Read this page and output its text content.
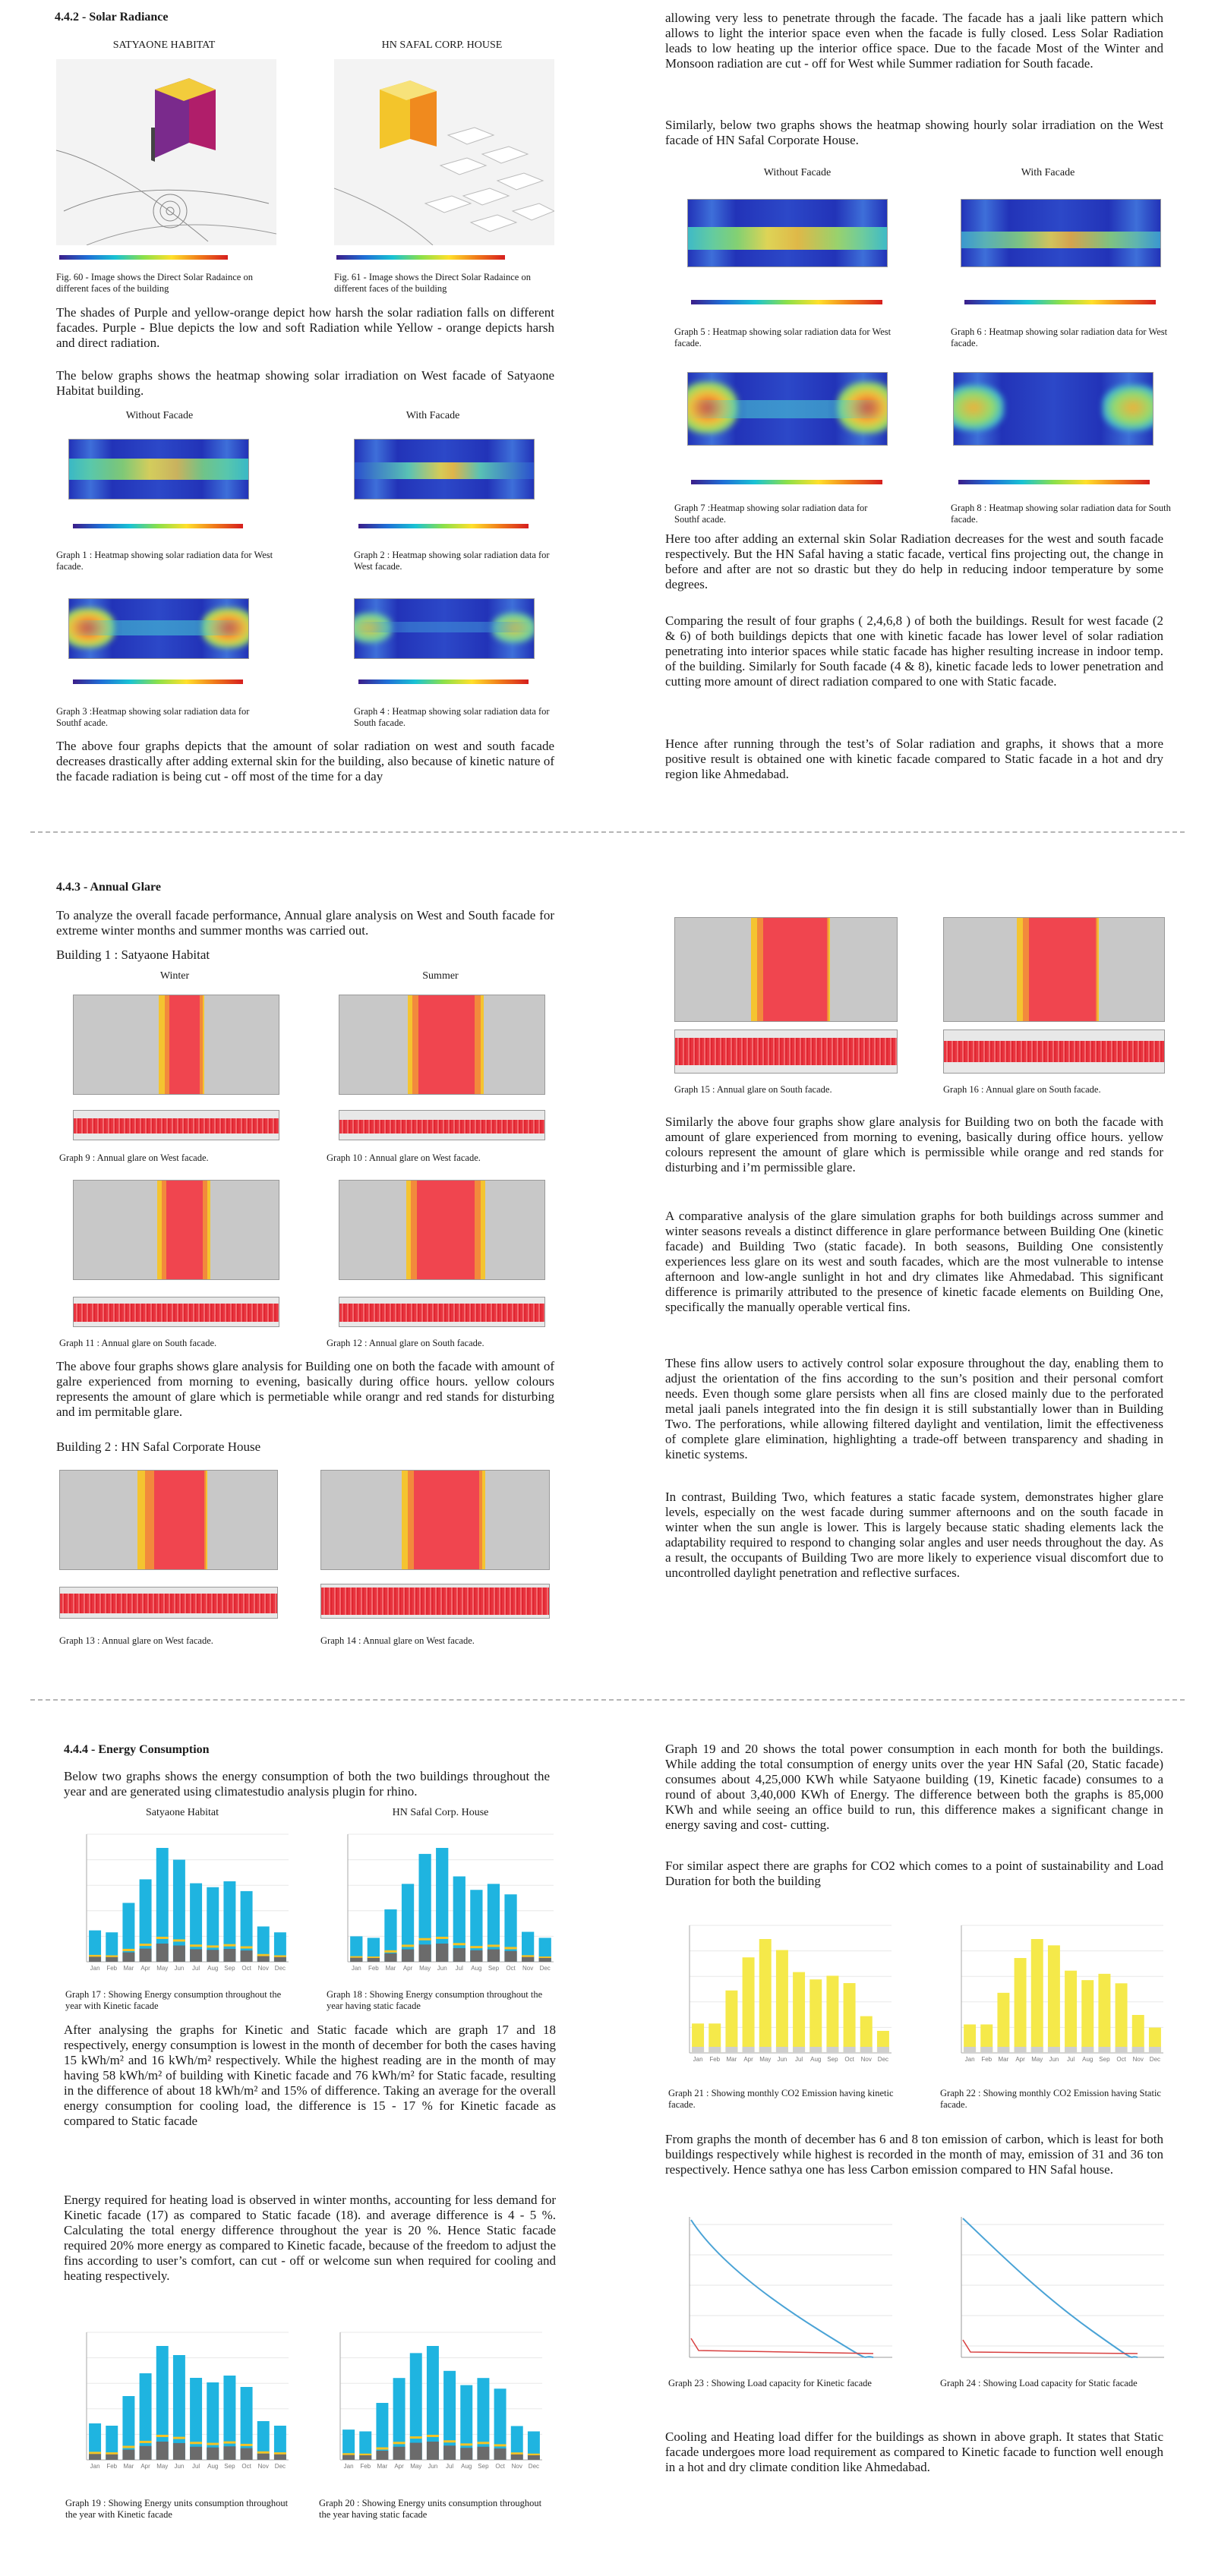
4.4.2 - Solar Radiance
SATYAONE HABITAT	HN SAFAL CORP. HOUSE
Fig. 60 - Image shows the Direct Solar Radaince on different faces of the building
Fig. 61 - Image shows the Direct Solar Radaince on different faces of the building
The shades of Purple and yellow-orange depict how harsh the solar radiation falls on different facades. Purple - Blue depicts the low and soft Radiation while Yellow - orange depicts harsh and direct radiation.
The below graphs shows the heatmap showing solar irradiation on West facade of Satyaone Habitat building.
Without Facade	With Facade
Graph 1 : Heatmap showing solar radiation data for West facade.
Graph 2 : Heatmap showing solar radiation data for West facade.
Graph 3 :Heatmap showing solar radiation data for Southf acade.
Graph 4 : Heatmap showing solar radiation data for South facade.
The above four graphs depicts that the amount of solar radiation on west and south facade decreases drastically after adding external skin for the building, also because of kinetic nature of the facade radiation is being cut - off most of the time for a day
allowing very less to penetrate through the facade. The facade has a jaali like pattern which allows to light the interior space even when the facade is fully closed. Less Solar Radiation leads to low heating up the interior office space. Due to the facade Most of the Winter and Monsoon radiation are cut - off for West while Summer radiation for South facade.
Similarly, below two graphs shows the heatmap showing hourly solar irradiation on the West facade of HN Safal Corporate House.
Without Facade	With Facade
Graph 5 : Heatmap showing solar radiation data for West facade.
Graph 6 : Heatmap showing solar radiation data for West facade.
Graph 7 :Heatmap showing solar radiation data for Southf acade.
Graph 8 : Heatmap showing solar radiation data for South facade.
Here too after adding an external skin Solar Radiation decreases for the west and south facade respectively. But the HN Safal having a static facade, vertical fins projecting out, the change in before and after are not so drastic but they do help in reducing indoor temperature by some degrees.
Comparing the result of four graphs ( 2,4,6,8 ) of both the buildings. Result for west facade (2 & 6) of both buildings depicts that one with kinetic facade has lower level of solar radiation penetrating into interior spaces while static facade has higher resulting increase in indoor temp. of the building. Similarly for South facade (4 & 8), kinetic facade leds to lower penetration and cutting more amount of direct radiation compared to one with Static facade.
Hence after running through the test’s of Solar radiation and graphs, it shows that a more positive result is obtained one with kinetic facade compared to Static facade in a hot and dry region like Ahmedabad.
4.4.3 - Annual Glare
To analyze the overall facade performance, Annual glare analysis on West and South facade for extreme winter months and summer months was carried out.
Building 1 : Satyaone Habitat
Winter	Summer
Graph 9 : Annual glare on West facade.	Graph 10 : Annual glare on West facade.
Graph 11 : Annual glare on South facade.	Graph 12 : Annual glare on South facade.
The above four graphs shows glare analysis for Building one on both the facade with amount of galre experienced from morning to evening, basically during office hours. yellow colours represents the amount of glare which is permetiable while orangr and red stands for disturbing and im permitable glare.
Building 2 : HN Safal Corporate House
Graph 13 : Annual glare on West facade.	Graph 14 : Annual glare on West facade.
Graph 15 : Annual glare on South facade.	Graph 16 : Annual glare on South facade.
Similarly the above four graphs show glare analysis for Building two on both the facade with amount of glare experienced from morning to evening, basically during office hours. yellow colours represent the amount of glare which is permissible while orange and red stands for disturbing and i’m permissible glare.
A comparative analysis of the glare simulation graphs for both buildings across summer and winter seasons reveals a distinct difference in glare performance between Building One (kinetic facade) and Building Two (static facade). In both seasons, Building One consistently experiences less glare on its west and south facades, which are the most vulnerable to intense afternoon and low-angle sunlight in hot and dry climates like Ahmedabad. This significant difference is primarily attributed to the presence of kinetic facade elements on Building One, specifically the manually operable vertical fins.
These fins allow users to actively control solar exposure throughout the day, enabling them to adjust the orientation of the fins according to the sun’s position and their personal comfort needs. Even though some glare persists when all fins are closed mainly due to the perforated metal jaali panels integrated into the fin design it is still substantially lower than in Building Two. The perforations, while allowing filtered daylight and ventilation, limit the effectiveness of complete glare elimination, highlighting a trade-off between transparency and shading in kinetic systems.
In contrast, Building Two, which features a static facade system, demonstrates higher glare levels, especially on the west facade during summer afternoons and on the south facade in winter when the sun angle is lower. This is largely because static shading elements lack the adaptability required to respond to changing solar angles and user needs throughout the day. As a result, the occupants of Building Two are more likely to experience visual discomfort due to uncontrolled daylight penetration and reflective surfaces.
4.4.4 - Energy Consumption
Below two graphs shows the energy consumption of both the two buildings throughout the year and are generated using climatestudio analysis plugin for rhino.
Satyaone Habitat	HN Safal Corp. House
Jan Feb Mar Apr May Jun Jul Aug Sep Oct Nov Dec	Jan Feb Mar Apr May Jun Jul Aug Sep Oct Nov Dec
Graph 17 : Showing Energy consumption throughout the year with Kinetic facade
Graph 18 : Showing Energy consumption throughout the year having static facade
After analysing the graphs for Kinetic and Static facade which are graph 17 and 18 respectively, energy consumption is lowest in the month of december for both the cases having 15 kWh/m² and 16 kWh/m² respectively. While the highest reading are in the month of may having 58 kWh/m² of building with Kinetic facade and 76 kWh/m² for Static facade, resulting in the difference of about 18 kWh/m² and 15% of difference. Taking an average for the overall energy consumption for cooling load, the difference is 15 - 17 % for Kinetic facade as compared to Static facade
Energy required for heating load is observed in winter months, accounting for less demand for Kinetic facade (17) as compared to Static facade (18). and average difference is 4 - 5 %. Calculating the total energy difference throughout the year is 20 %. Hence Static facade required 20% more energy as compared to Kinetic facade, because of the freedom to adjust the fins according to user’s comfort, can cut - off or welcome sun when required for cooling and heating respectively.
Jan Feb Mar Apr May Jun Jul Aug Sep Oct Nov Dec	Jan Feb Mar Apr May Jun Jul Aug Sep Oct Nov Dec
Graph 19 : Showing Energy units consumption throughout the year with Kinetic facade
Graph 20 : Showing Energy units consumption throughout the year having static facade
Graph 19 and 20 shows the total power consumption in each month for both the buildings. While adding the total consumption of energy units over the year HN Safal (20, Static facade) consumes about 4,25,000 KWh while Satyaone building (19, Kinetic facade) consumes to a round of about 3,40,000 KWh of Energy. The difference between both the graphs is 85,000 KWh and while seeing an office build to run, this difference makes a significant change in energy saving and cost- cutting.
For similar aspect there are graphs for CO2 which comes to a point of sustainability and Load Duration for both the building
Jan Feb Mar Apr May Jun Jul Aug Sep Oct Nov Dec	Jan Feb Mar Apr May Jun Jul Aug Sep Oct Nov Dec
Graph 21 : Showing monthly CO2 Emission having kinetic facade.
Graph 22 : Showing monthly CO2 Emission having Static facade.
From graphs the month of december has 6 and 8 ton emission of carbon, which is least for both buildings respectively while highest is recorded in the month of may, emission of 31 and 36 ton respectively. Hence sathya one has less Carbon emission compared to HN Safal house.
Graph 23 : Showing Load capacity for Kinetic facade	Graph 24 : Showing Load capacity for Static facade
Cooling and Heating load differ for the buildings as shown in above graph. It states that Static facade undergoes more load requirement as compared to Kinetic facade to function well enough in a hot and dry climate condition like Ahmedabad.
